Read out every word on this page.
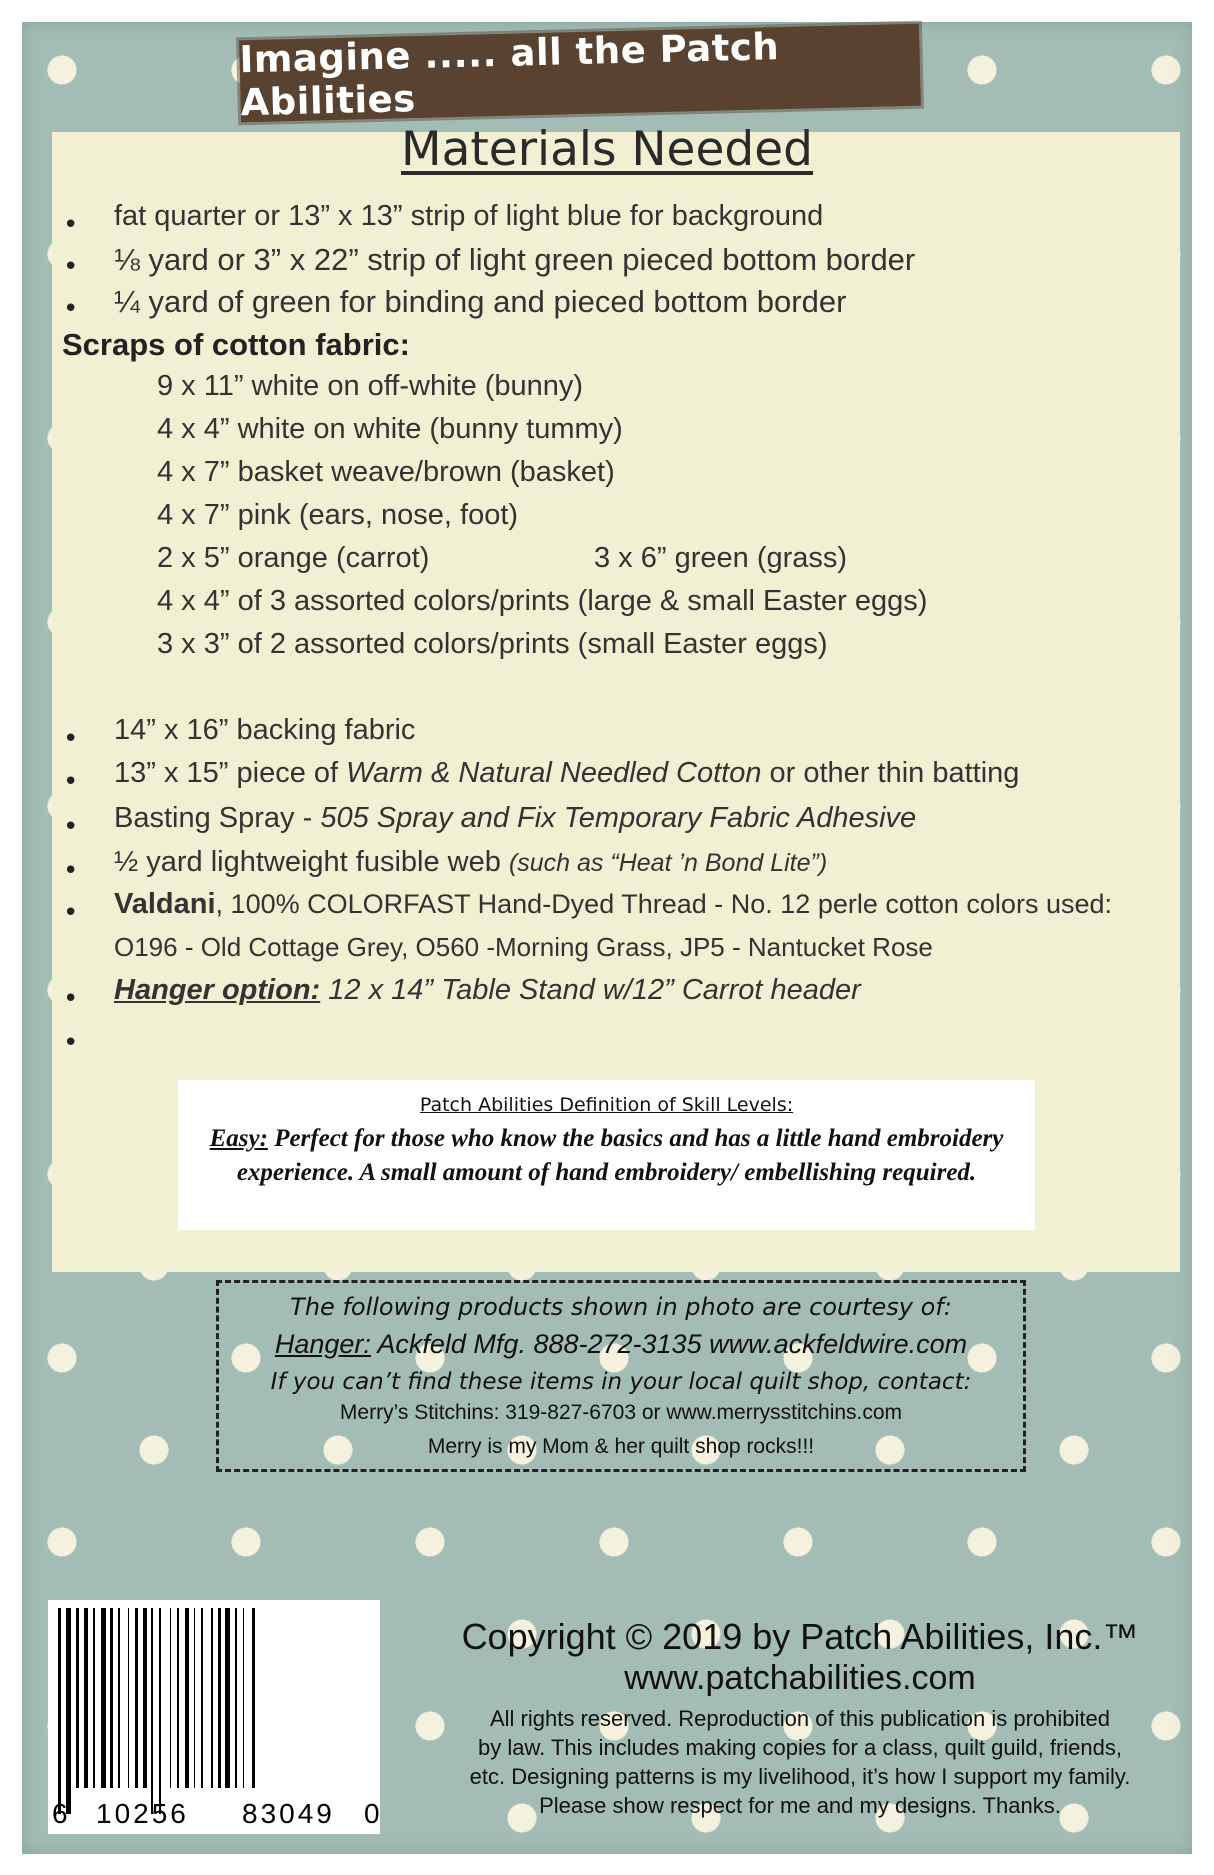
Imagine ..... all the Patch Abilities
Materials Needed
• fat quarter or 13” x 13” strip of light blue for background
• ⅛ yard or 3” x 22” strip of light green pieced bottom border
• ¼ yard of green for binding and pieced bottom border
Scraps of cotton fabric:
9 x 11” white on off-white (bunny)
4 x 4” white on white (bunny tummy)
4 x 7” basket weave/brown (basket)
4 x 7” pink (ears, nose, foot)
2 x 5” orange (carrot)	3 x 6” green (grass)
4 x 4” of 3 assorted colors/prints (large & small Easter eggs)
3 x 3” of 2 assorted colors/prints (small Easter eggs)
• 14” x 16” backing fabric
• 13” x 15” piece of Warm & Natural Needled Cotton or other thin batting
• Basting Spray - 505 Spray and Fix Temporary Fabric Adhesive
• ½ yard lightweight fusible web (such as “Heat ’n Bond Lite”)
• Valdani, 100% COLORFAST Hand-Dyed Thread - No. 12 perle cotton colors used:
O196 - Old Cottage Grey, O560 -Morning Grass, JP5 - Nantucket Rose
• Hanger option: 12 x 14” Table Stand w/12” Carrot header
•
Patch Abilities Definition of Skill Levels:
Easy: Perfect for those who know the basics and has a little hand embroidery experience. A small amount of hand embroidery/ embellishing required.
The following products shown in photo are courtesy of:
Hanger: Ackfeld Mfg. 888-272-3135 www.ackfeldwire.com
If you can’t find these items in your local quilt shop, contact:
Merry’s Stitchins: 319-827-6703 or www.merrysstitchins.com
Merry is my Mom & her quilt shop rocks!!!
6 10256 83049 0
Copyright © 2019 by Patch Abilities, Inc.™
www.patchabilities.com
All rights reserved. Reproduction of this publication is prohibited
by law. This includes making copies for a class, quilt guild, friends,
etc. Designing patterns is my livelihood, it’s how I support my family.
Please show respect for me and my designs. Thanks.
